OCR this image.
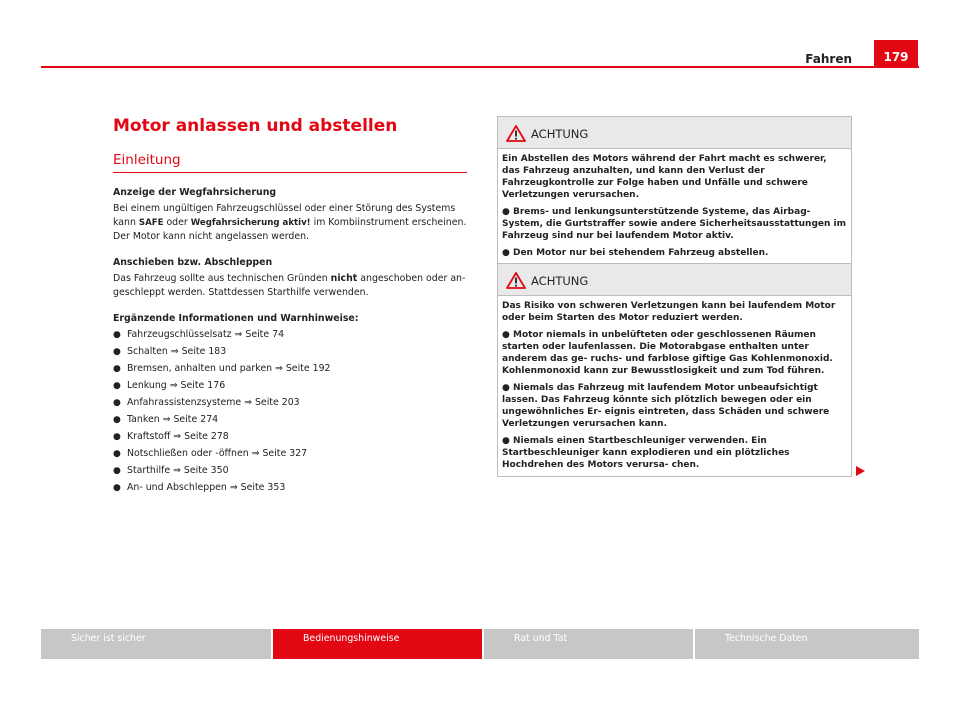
179
Fahren
Motor anlassen und abstellen
Einleitung
Anzeige der Wegfahrsicherung

Bei einem ungültigen Fahrzeugschlüssel oder einer Störung des Systems kann SAFE oder Wegfahrsicherung aktiv! im Kombiinstrument erscheinen. Der Motor kann nicht angelassen werden.

Anschieben bzw. Abschleppen

Das Fahrzeug sollte aus technischen Gründen nicht angeschoben oder an- geschleppt werden. Stattdessen Starthilfe verwenden.

Ergänzende Informationen und Warnhinweise:
● Fahrzeugschlüsselsatz ⇒ Seite 74
● Schalten ⇒ Seite 183
● Bremsen, anhalten und parken ⇒ Seite 192
● Lenkung ⇒ Seite 176
● Anfahrassistenzsysteme ⇒ Seite 203
● Tanken ⇒ Seite 274
● Kraftstoff ⇒ Seite 278
● Notschließen oder -öffnen ⇒ Seite 327
● Starthilfe ⇒ Seite 350
● An- und Abschleppen ⇒ Seite 353
ACHTUNG

Ein Abstellen des Motors während der Fahrt macht es schwerer, das Fahrzeug anzuhalten, und kann den Verlust der Fahrzeugkontrolle zur Folge haben und Unfälle und schwere Verletzungen verursachen.

● Brems- und lenkungsunterstützende Systeme, das Airbag-System, die Gurtstraffer sowie andere Sicherheitsausstattungen im Fahrzeug sind nur bei laufendem Motor aktiv.

● Den Motor nur bei stehendem Fahrzeug abstellen.

ACHTUNG

Das Risiko von schweren Verletzungen kann bei laufendem Motor oder beim Starten des Motor reduziert werden.

● Motor niemals in unbelüfteten oder geschlossenen Räumen starten oder laufenlassen. Die Motorabgase enthalten unter anderem das ge- ruchs- und farblose giftige Gas Kohlenmonoxid. Kohlenmonoxid kann zur Bewusstlosigkeit und zum Tod führen.

● Niemals das Fahrzeug mit laufendem Motor unbeaufsichtigt lassen. Das Fahrzeug könnte sich plötzlich bewegen oder ein ungewöhnliches Er- eignis eintreten, dass Schäden und schwere Verletzungen verursachen kann.

● Niemals einen Startbeschleuniger verwenden. Ein Startbeschleuniger kann explodieren und ein plötzliches Hochdrehen des Motors verursa- chen.

Sicher ist sicher	Bedienungshinweise	Rat und Tat	Technische Daten
